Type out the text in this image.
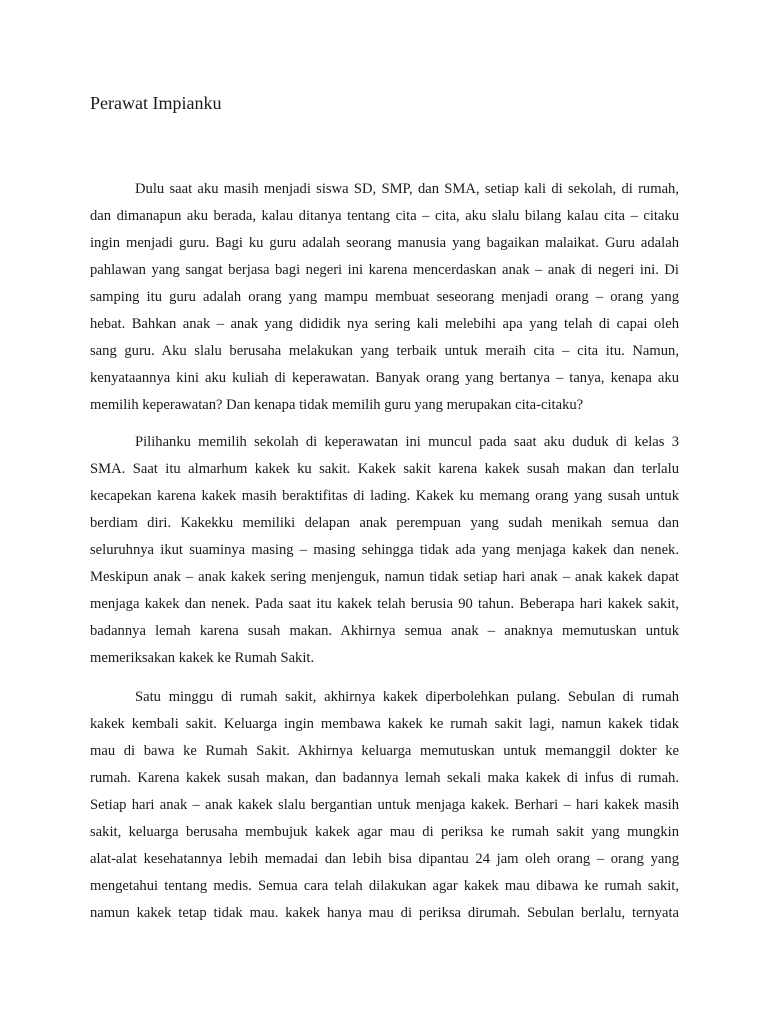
Perawat Impianku
Dulu saat aku masih menjadi siswa SD, SMP, dan SMA, setiap kali di sekolah, di rumah,
dan dimanapun aku berada, kalau ditanya tentang cita – cita, aku slalu bilang kalau cita – citaku
ingin menjadi guru. Bagi ku guru adalah seorang manusia yang bagaikan malaikat. Guru adalah
pahlawan yang sangat berjasa bagi negeri ini karena mencerdaskan anak – anak di negeri ini. Di
samping itu guru adalah orang yang mampu membuat seseorang menjadi orang – orang yang
hebat. Bahkan anak – anak yang dididik nya sering kali melebihi apa yang telah di capai oleh
sang guru. Aku slalu berusaha melakukan yang terbaik untuk meraih cita – cita itu. Namun,
kenyataannya kini aku kuliah di keperawatan. Banyak orang yang bertanya – tanya, kenapa aku
memilih keperawatan? Dan kenapa tidak memilih guru yang merupakan cita-citaku?
Pilihanku memilih sekolah di keperawatan ini muncul pada saat aku duduk di kelas 3
SMA. Saat itu almarhum kakek ku sakit. Kakek sakit karena kakek susah makan dan terlalu
kecapekan karena kakek masih beraktifitas di lading. Kakek ku memang orang yang susah untuk
berdiam diri. Kakekku memiliki delapan anak perempuan yang sudah menikah semua dan
seluruhnya ikut suaminya masing – masing sehingga tidak ada yang menjaga kakek dan nenek.
Meskipun anak – anak kakek sering menjenguk, namun tidak setiap hari anak – anak kakek dapat
menjaga kakek dan nenek. Pada saat itu kakek telah berusia 90 tahun. Beberapa hari kakek sakit,
badannya lemah karena susah makan. Akhirnya semua anak – anaknya memutuskan untuk
memeriksakan kakek ke Rumah Sakit.
Satu minggu di rumah sakit, akhirnya kakek diperbolehkan pulang. Sebulan di rumah
kakek kembali sakit. Keluarga ingin membawa kakek ke rumah sakit lagi, namun kakek tidak
mau di bawa ke Rumah Sakit. Akhirnya keluarga memutuskan untuk memanggil dokter ke
rumah. Karena kakek susah makan, dan badannya lemah sekali maka kakek di infus di rumah.
Setiap hari anak – anak kakek slalu bergantian untuk menjaga kakek. Berhari – hari kakek masih
sakit, keluarga berusaha membujuk kakek agar mau di periksa ke rumah sakit yang mungkin
alat-alat kesehatannya lebih memadai dan lebih bisa dipantau 24 jam oleh orang – orang yang
mengetahui tentang medis. Semua cara telah dilakukan agar kakek mau dibawa ke rumah sakit,
namun kakek tetap tidak mau. kakek hanya mau di periksa dirumah. Sebulan berlalu, ternyata
